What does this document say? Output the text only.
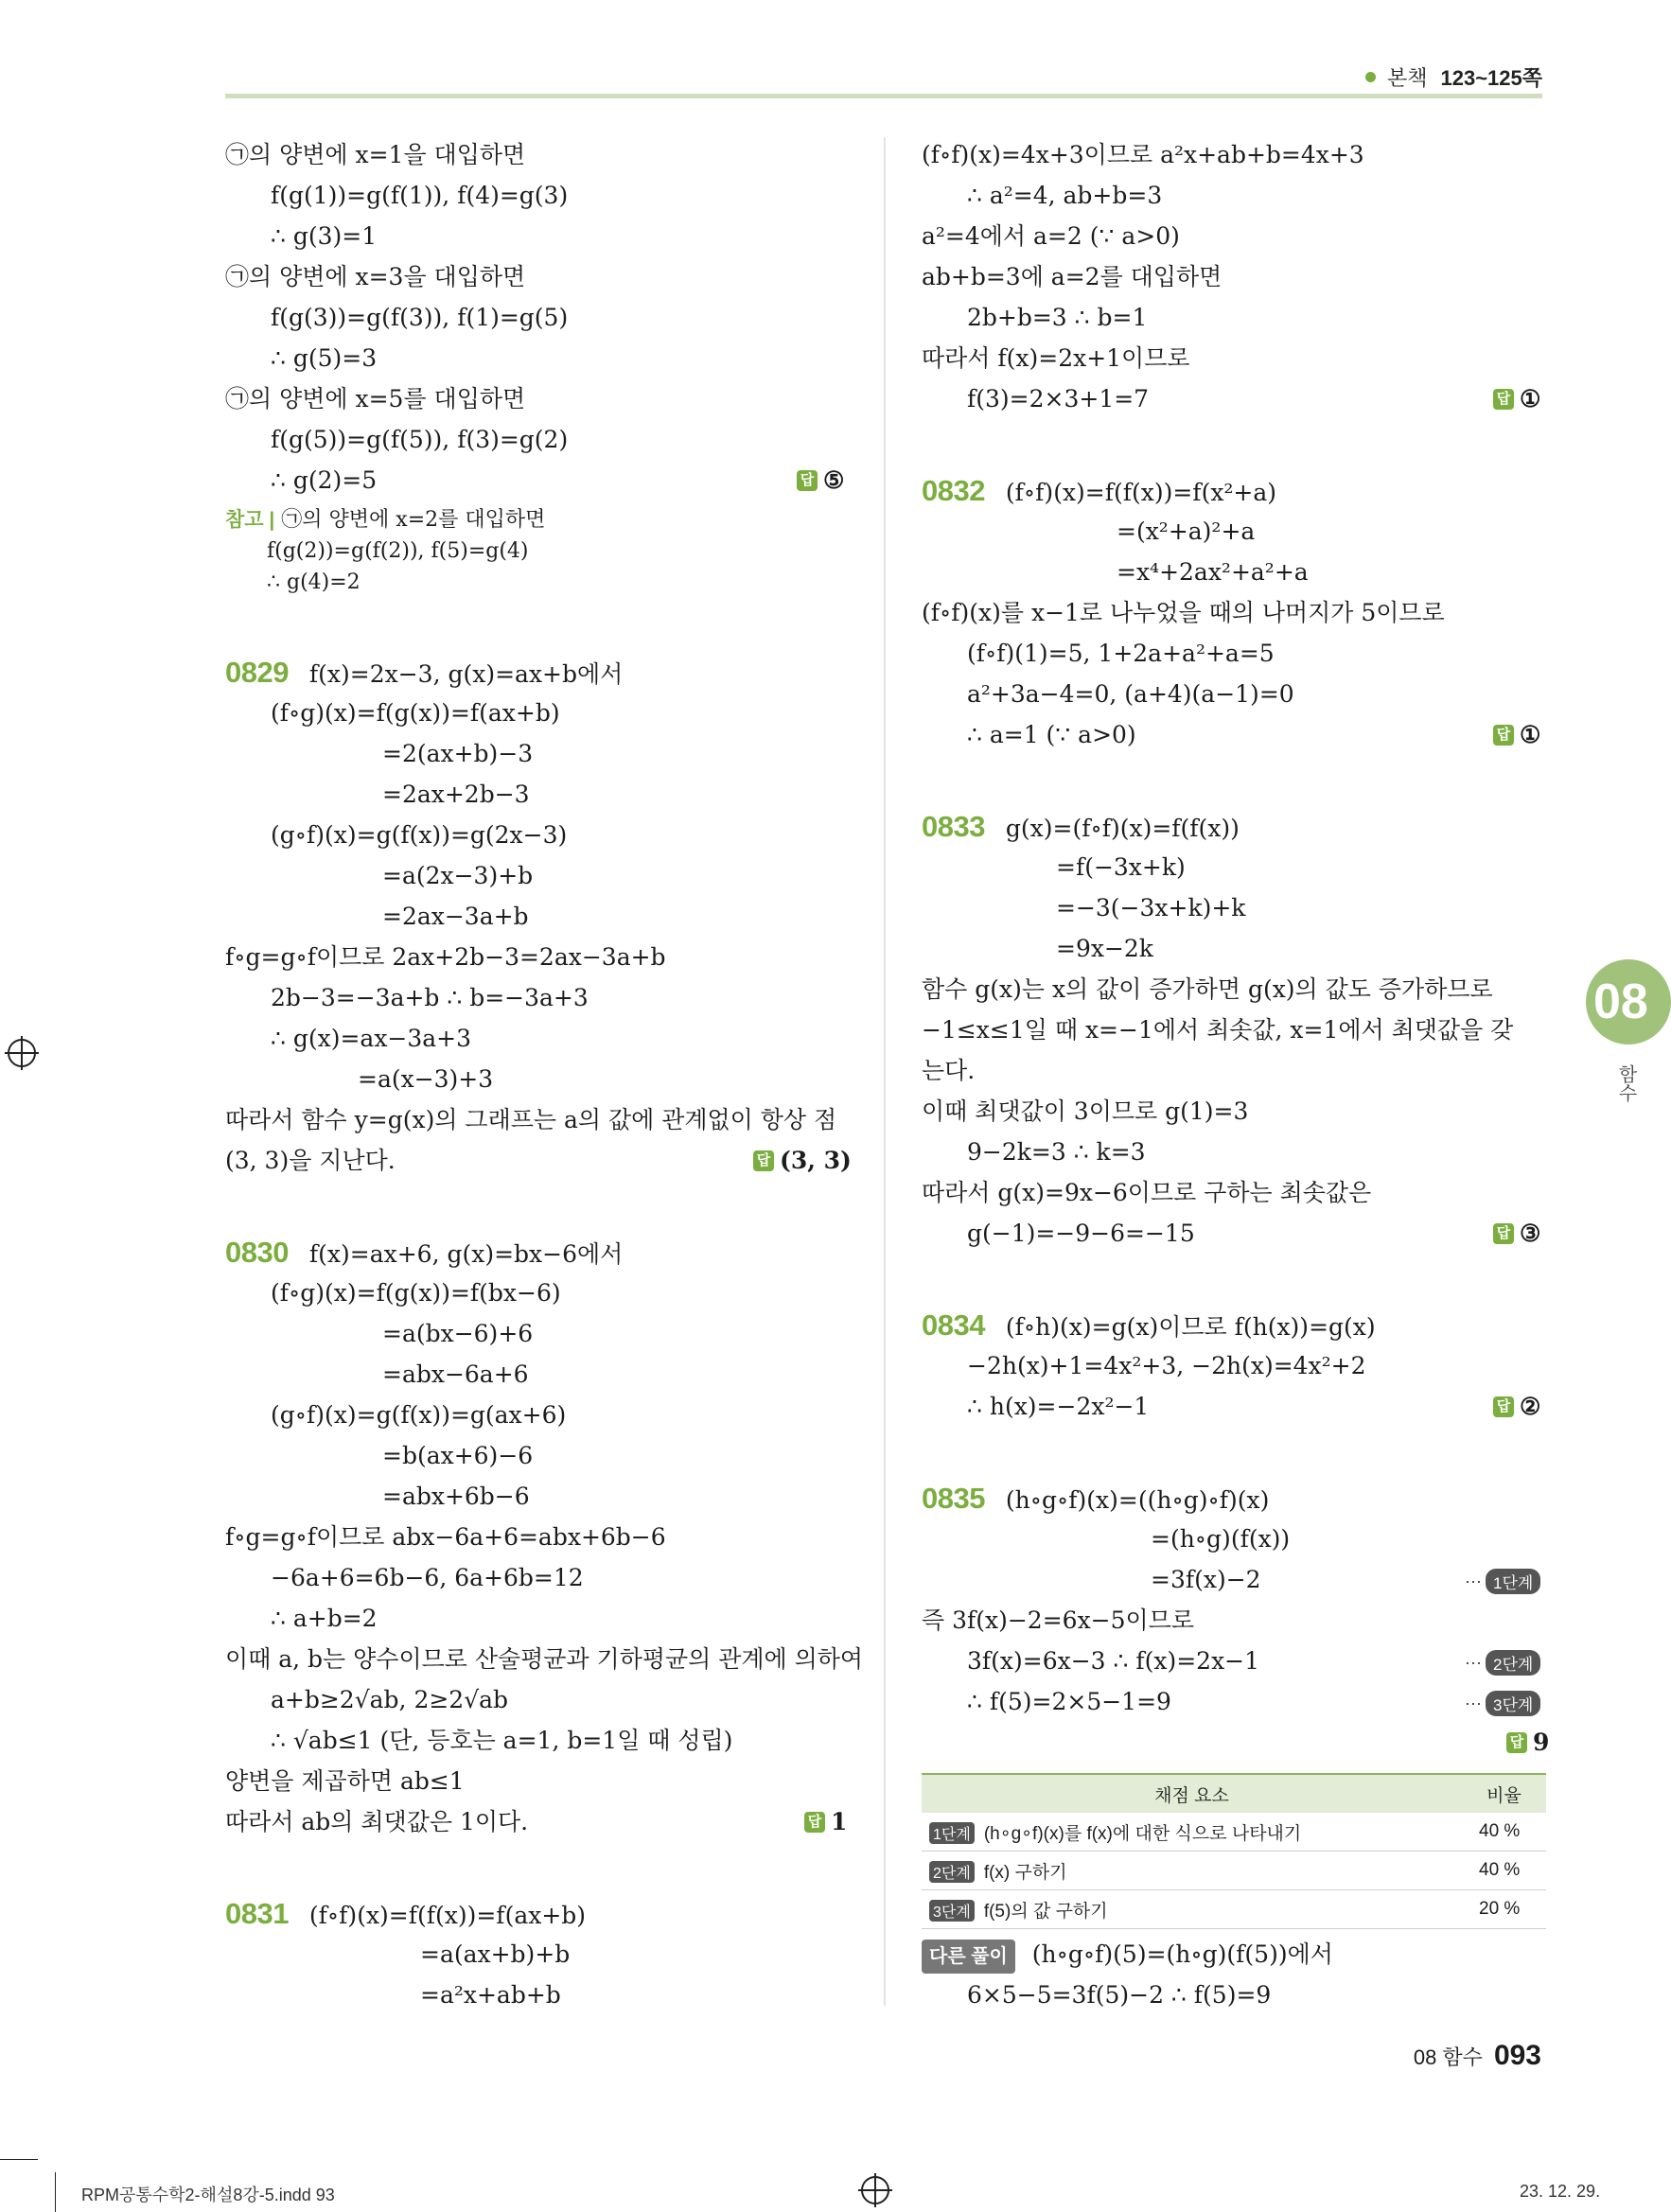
본책 123~125쪽
㉠의 양변에 x=1을 대입하면
f(g(1))=g(f(1)), f(4)=g(3)
∴ g(3)=1
㉠의 양변에 x=3을 대입하면
f(g(3))=g(f(3)), f(1)=g(5)
∴ g(5)=3
㉠의 양변에 x=5를 대입하면
f(g(5))=g(f(5)), f(3)=g(2)
∴ g(2)=5	답 ⑤
참고 | ㉠의 양변에 x=2를 대입하면
f(g(2))=g(f(2)), f(5)=g(4)
∴ g(4)=2
0829 f(x)=2x−3, g(x)=ax+b에서
(f∘g)(x)=f(g(x))=f(ax+b)
=2(ax+b)−3
=2ax+2b−3
(g∘f)(x)=g(f(x))=g(2x−3)
=a(2x−3)+b
=2ax−3a+b
f∘g=g∘f이므로 2ax+2b−3=2ax−3a+b
2b−3=−3a+b ∴ b=−3a+3
∴ g(x)=ax−3a+3
=a(x−3)+3
따라서 함수 y=g(x)의 그래프는 a의 값에 관계없이 항상 점
(3, 3)을 지난다.	답 (3, 3)
0830 f(x)=ax+6, g(x)=bx−6에서
(f∘g)(x)=f(g(x))=f(bx−6)
=a(bx−6)+6
=abx−6a+6
(g∘f)(x)=g(f(x))=g(ax+6)
=b(ax+6)−6
=abx+6b−6
f∘g=g∘f이므로 abx−6a+6=abx+6b−6
−6a+6=6b−6, 6a+6b=12
∴ a+b=2
이때 a, b는 양수이므로 산술평균과 기하평균의 관계에 의하여
a+b≥2√ab, 2≥2√ab
∴ √ab≤1 (단, 등호는 a=1, b=1일 때 성립)
양변을 제곱하면 ab≤1
따라서 ab의 최댓값은 1이다.	답 1
0831 (f∘f)(x)=f(f(x))=f(ax+b)
=a(ax+b)+b
=a²x+ab+b
(f∘f)(x)=4x+3이므로 a²x+ab+b=4x+3
∴ a²=4, ab+b=3
a²=4에서 a=2 (∵ a>0)
ab+b=3에 a=2를 대입하면
2b+b=3 ∴ b=1
따라서 f(x)=2x+1이므로
f(3)=2×3+1=7	답 ①
0832 (f∘f)(x)=f(f(x))=f(x²+a)
=(x²+a)²+a
=x⁴+2ax²+a²+a
(f∘f)(x)를 x−1로 나누었을 때의 나머지가 5이므로
(f∘f)(1)=5, 1+2a+a²+a=5
a²+3a−4=0, (a+4)(a−1)=0
∴ a=1 (∵ a>0)	답 ①
0833 g(x)=(f∘f)(x)=f(f(x))
=f(−3x+k)
=−3(−3x+k)+k
=9x−2k
함수 g(x)는 x의 값이 증가하면 g(x)의 값도 증가하므로
−1≤x≤1일 때 x=−1에서 최솟값, x=1에서 최댓값을 갖
는다.
이때 최댓값이 3이므로 g(1)=3
9−2k=3 ∴ k=3
따라서 g(x)=9x−6이므로 구하는 최솟값은
g(−1)=−9−6=−15	답 ③
0834 (f∘h)(x)=g(x)이므로 f(h(x))=g(x)
−2h(x)+1=4x²+3, −2h(x)=4x²+2
∴ h(x)=−2x²−1	답 ②
0835 (h∘g∘f)(x)=((h∘g)∘f)(x)
=(h∘g)(f(x))
=3f(x)−2	··· 1단계
즉 3f(x)−2=6x−5이므로
3f(x)=6x−3 ∴ f(x)=2x−1	··· 2단계
∴ f(5)=2×5−1=9	··· 3단계
답 9
채점 요소	비율
1단계 (h∘g∘f)(x)를 f(x)에 대한 식으로 나타내기	40 %
2단계 f(x) 구하기	40 %
3단계 f(5)의 값 구하기	20 %
다른 풀이 (h∘g∘f)(5)=(h∘g)(f(5))에서
6×5−5=3f(5)−2 ∴ f(5)=9
08
함수
08 함수 093
RPM공통수학2-해설8강-5.indd 93	23. 12. 29.
